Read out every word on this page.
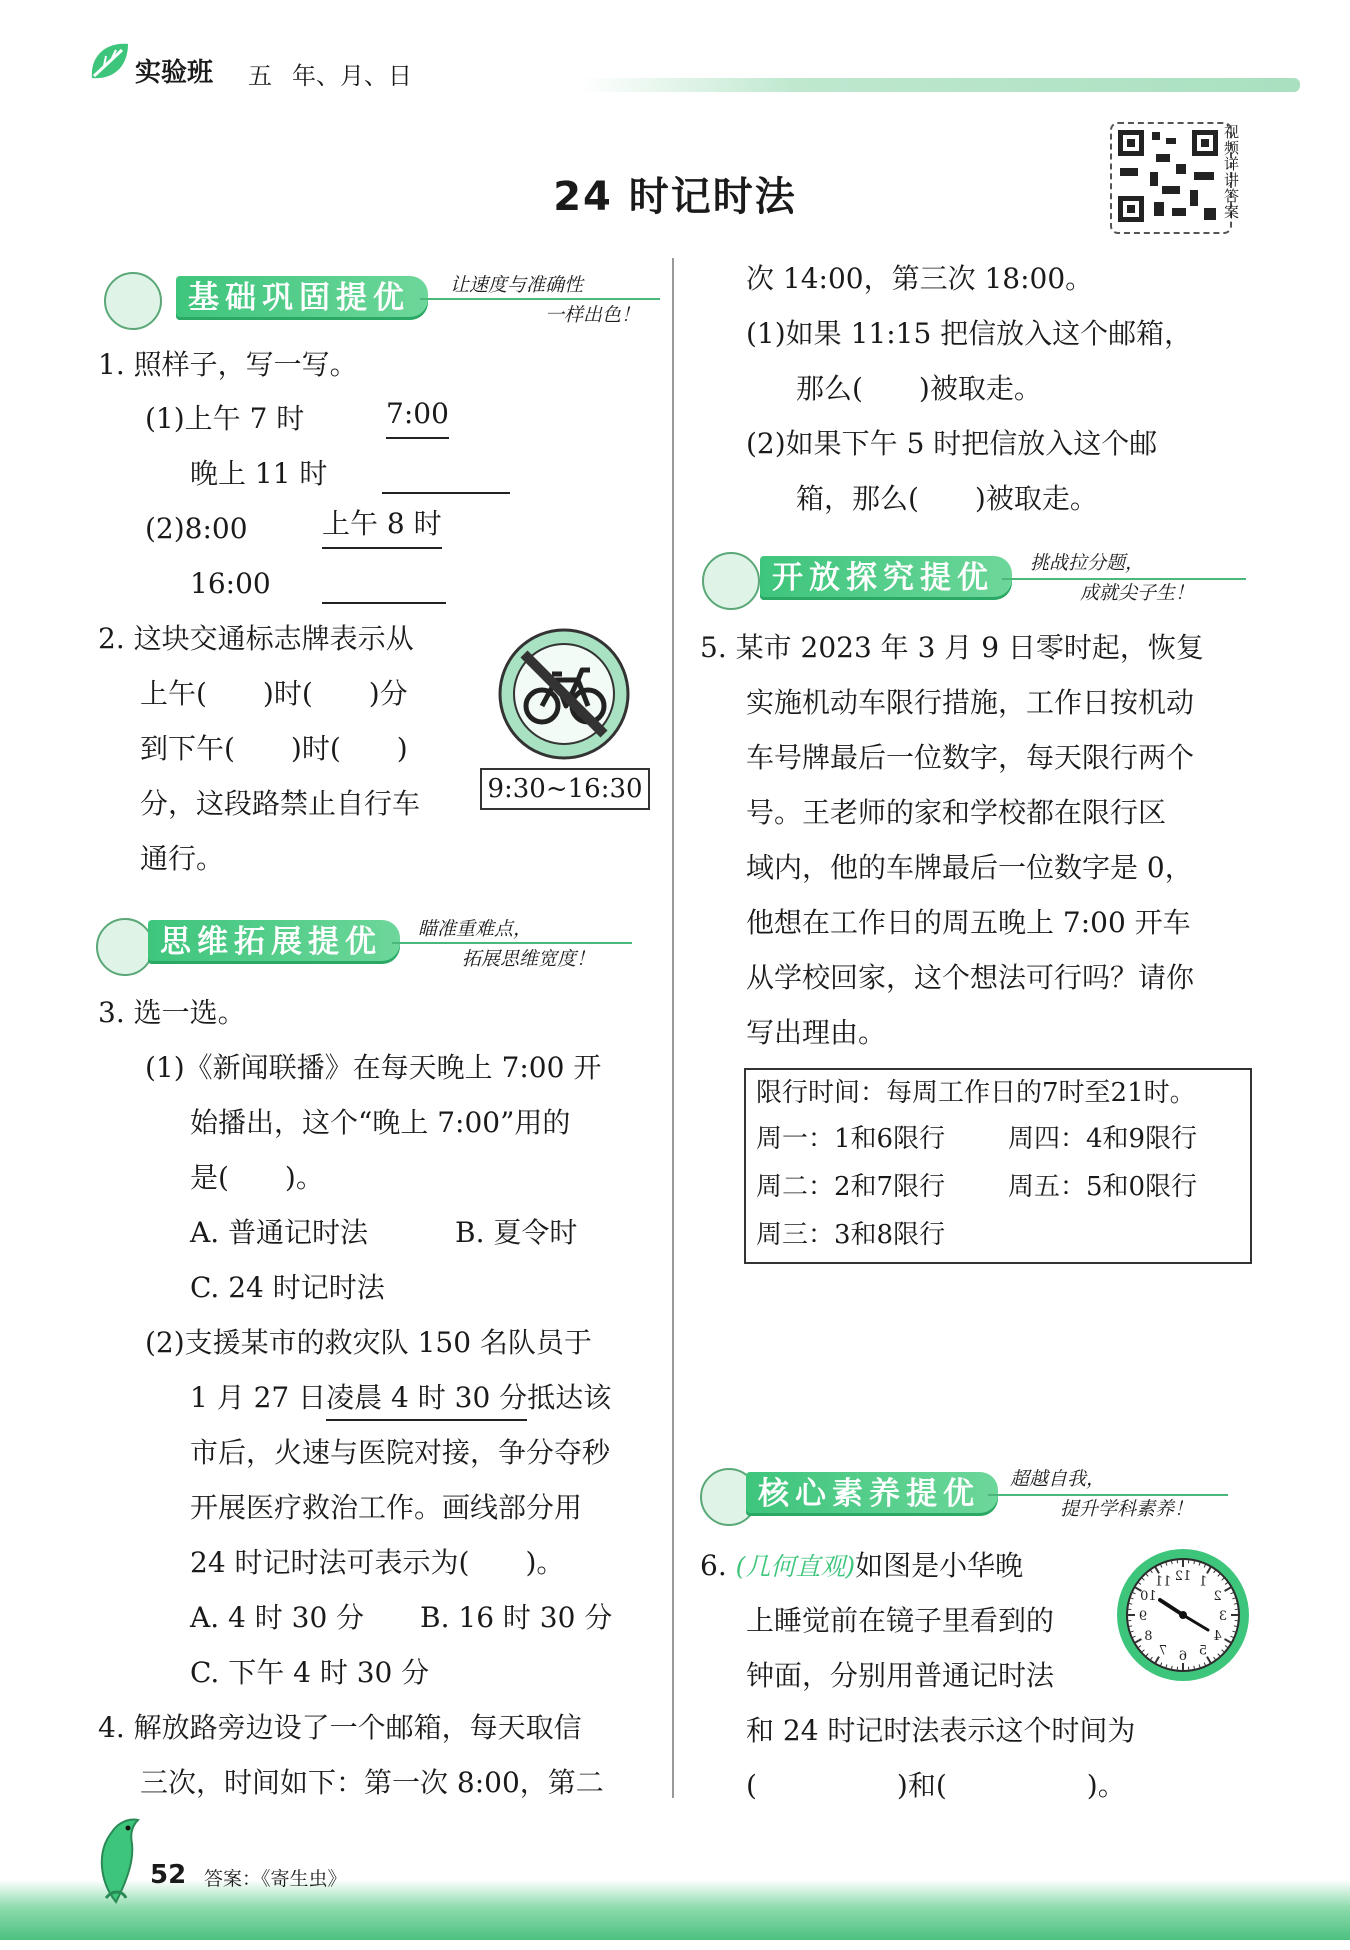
实验班 五 年、月、日
24 时记时法
视频详讲答案
基础巩固提优	让速度与准确性
一样出色！
1. 照样子，写一写。
(1)上午 7 时	7:00
晚上 11 时
(2)8:00	上午 8 时
16:00
2. 这块交通标志牌表示从
上午(　　)时(　　)分
到下午(　　)时(　　)
分，这段路禁止自行车
通行。
9:30~16:30
思维拓展提优	瞄准重难点，
拓展思维宽度！
3. 选一选。
(1)《新闻联播》在每天晚上 7:00 开
始播出，这个“晚上 7:00”用的
是(　　)。
A. 普通记时法	B. 夏令时
C. 24 时记时法
(2)支援某市的救灾队 150 名队员于
1 月 27 日凌晨 4 时 30 分抵达该
市后，火速与医院对接，争分夺秒
开展医疗救治工作。画线部分用
24 时记时法可表示为(　　)。
A. 4 时 30 分 B. 16 时 30 分
C. 下午 4 时 30 分
4. 解放路旁边设了一个邮箱，每天取信
三次，时间如下：第一次 8:00，第二
次 14:00，第三次 18:00。
(1)如果 11:15 把信放入这个邮箱，
那么(　　)被取走。
(2)如果下午 5 时把信放入这个邮
箱，那么(　　)被取走。
开放探究提优	挑战拉分题，
成就尖子生！
5. 某市 2023 年 3 月 9 日零时起，恢复
实施机动车限行措施，工作日按机动
车号牌最后一位数字，每天限行两个
号。王老师的家和学校都在限行区
域内，他的车牌最后一位数字是 0，
他想在工作日的周五晚上 7:00 开车
从学校回家，这个想法可行吗？请你
写出理由。
限行时间：每周工作日的7时至21时。
周一：1和6限行 周四：4和9限行
周二：2和7限行 周五：5和0限行
周三：3和8限行
核心素养提优	超越自我，
提升学科素养！
6. (几何直观)如图是小华晚
上睡觉前在镜子里看到的
钟面，分别用普通记时法
和 24 时记时法表示这个时间为
(　　　　　)和(　　　　　)。
12
11
10
9
8
7 6 5
4
3
2
1
52 答案：《寄生虫》
